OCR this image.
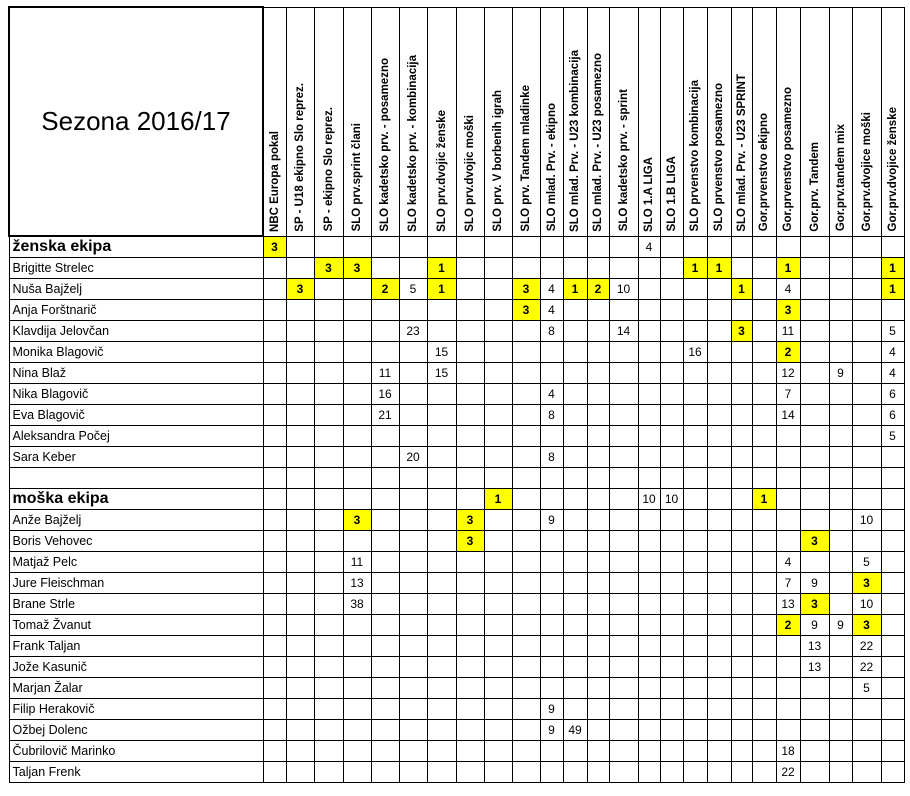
Sezona 2016/17	NBC Europa pokal	SP - U18 ekipno Slo reprez.	SP - ekipno Slo reprez.	SLO prv.sprint člani	SLO kadetsko prv. - posamezno	SLO kadetsko prv. - kombinacija	SLO prv.dvojic ženske	SLO prv.dvojic moški	SLO prv. V borbenih igrah	SLO prv. Tandem mladinke	SLO mlad. Prv. - ekipno	SLO mlad. Prv. - U23 kombinacija	SLO mlad. Prv. - U23 posamezno	SLO kadetsko prv. - sprint	SLO 1.A LIGA	SLO 1.B LIGA	SLO prvenstvo kombinacija	SLO prvenstvo posamezno	SLO mlad. Prv. - U23 SPRINT	Gor.prvenstvo ekipno	Gor.prvenstvo posamezno	Gor.prv. Tandem	Gor.prv.tandem mix	Gor.prv.dvojice moški	Gor.prv.dvojice ženske

ženska ekipa	3														4										
Brigitte Strelec			3	3			1										1	1			1				1
Nuša Bajželj		3			2	5	1			3	4	1	2	10					1		4				1
Anja Forštnarič										3	4										3				
Klavdija Jelovčan						23					8			14					3		11				5
Monika Blagovič							15										16				2				4
Nina Blaž					11		15														12		9		4
Nika Blagovič					16						4										7				6
Eva Blagovič					21						8										14				6
Aleksandra Počej																									5
Sara Keber						20					8														

moška ekipa									1						10	10				1					
Anže Bajželj				3				3			9													10	
Boris Vehovec								3														3			
Matjaž Pelc				11																	4			5	
Jure Fleischman				13																	7	9		3	
Brane Strle				38																	13	3		10	
Tomaž Žvanut																					2	9	9	3	
Frank Taljan																						13		22	
Jože Kasunič																						13		22	
Marjan Žalar																								5	
Filip Herakovič											9														
Ožbej Dolenc											9	49													
Čubrilovič Marinko																					18				
Taljan Frenk																					22				
